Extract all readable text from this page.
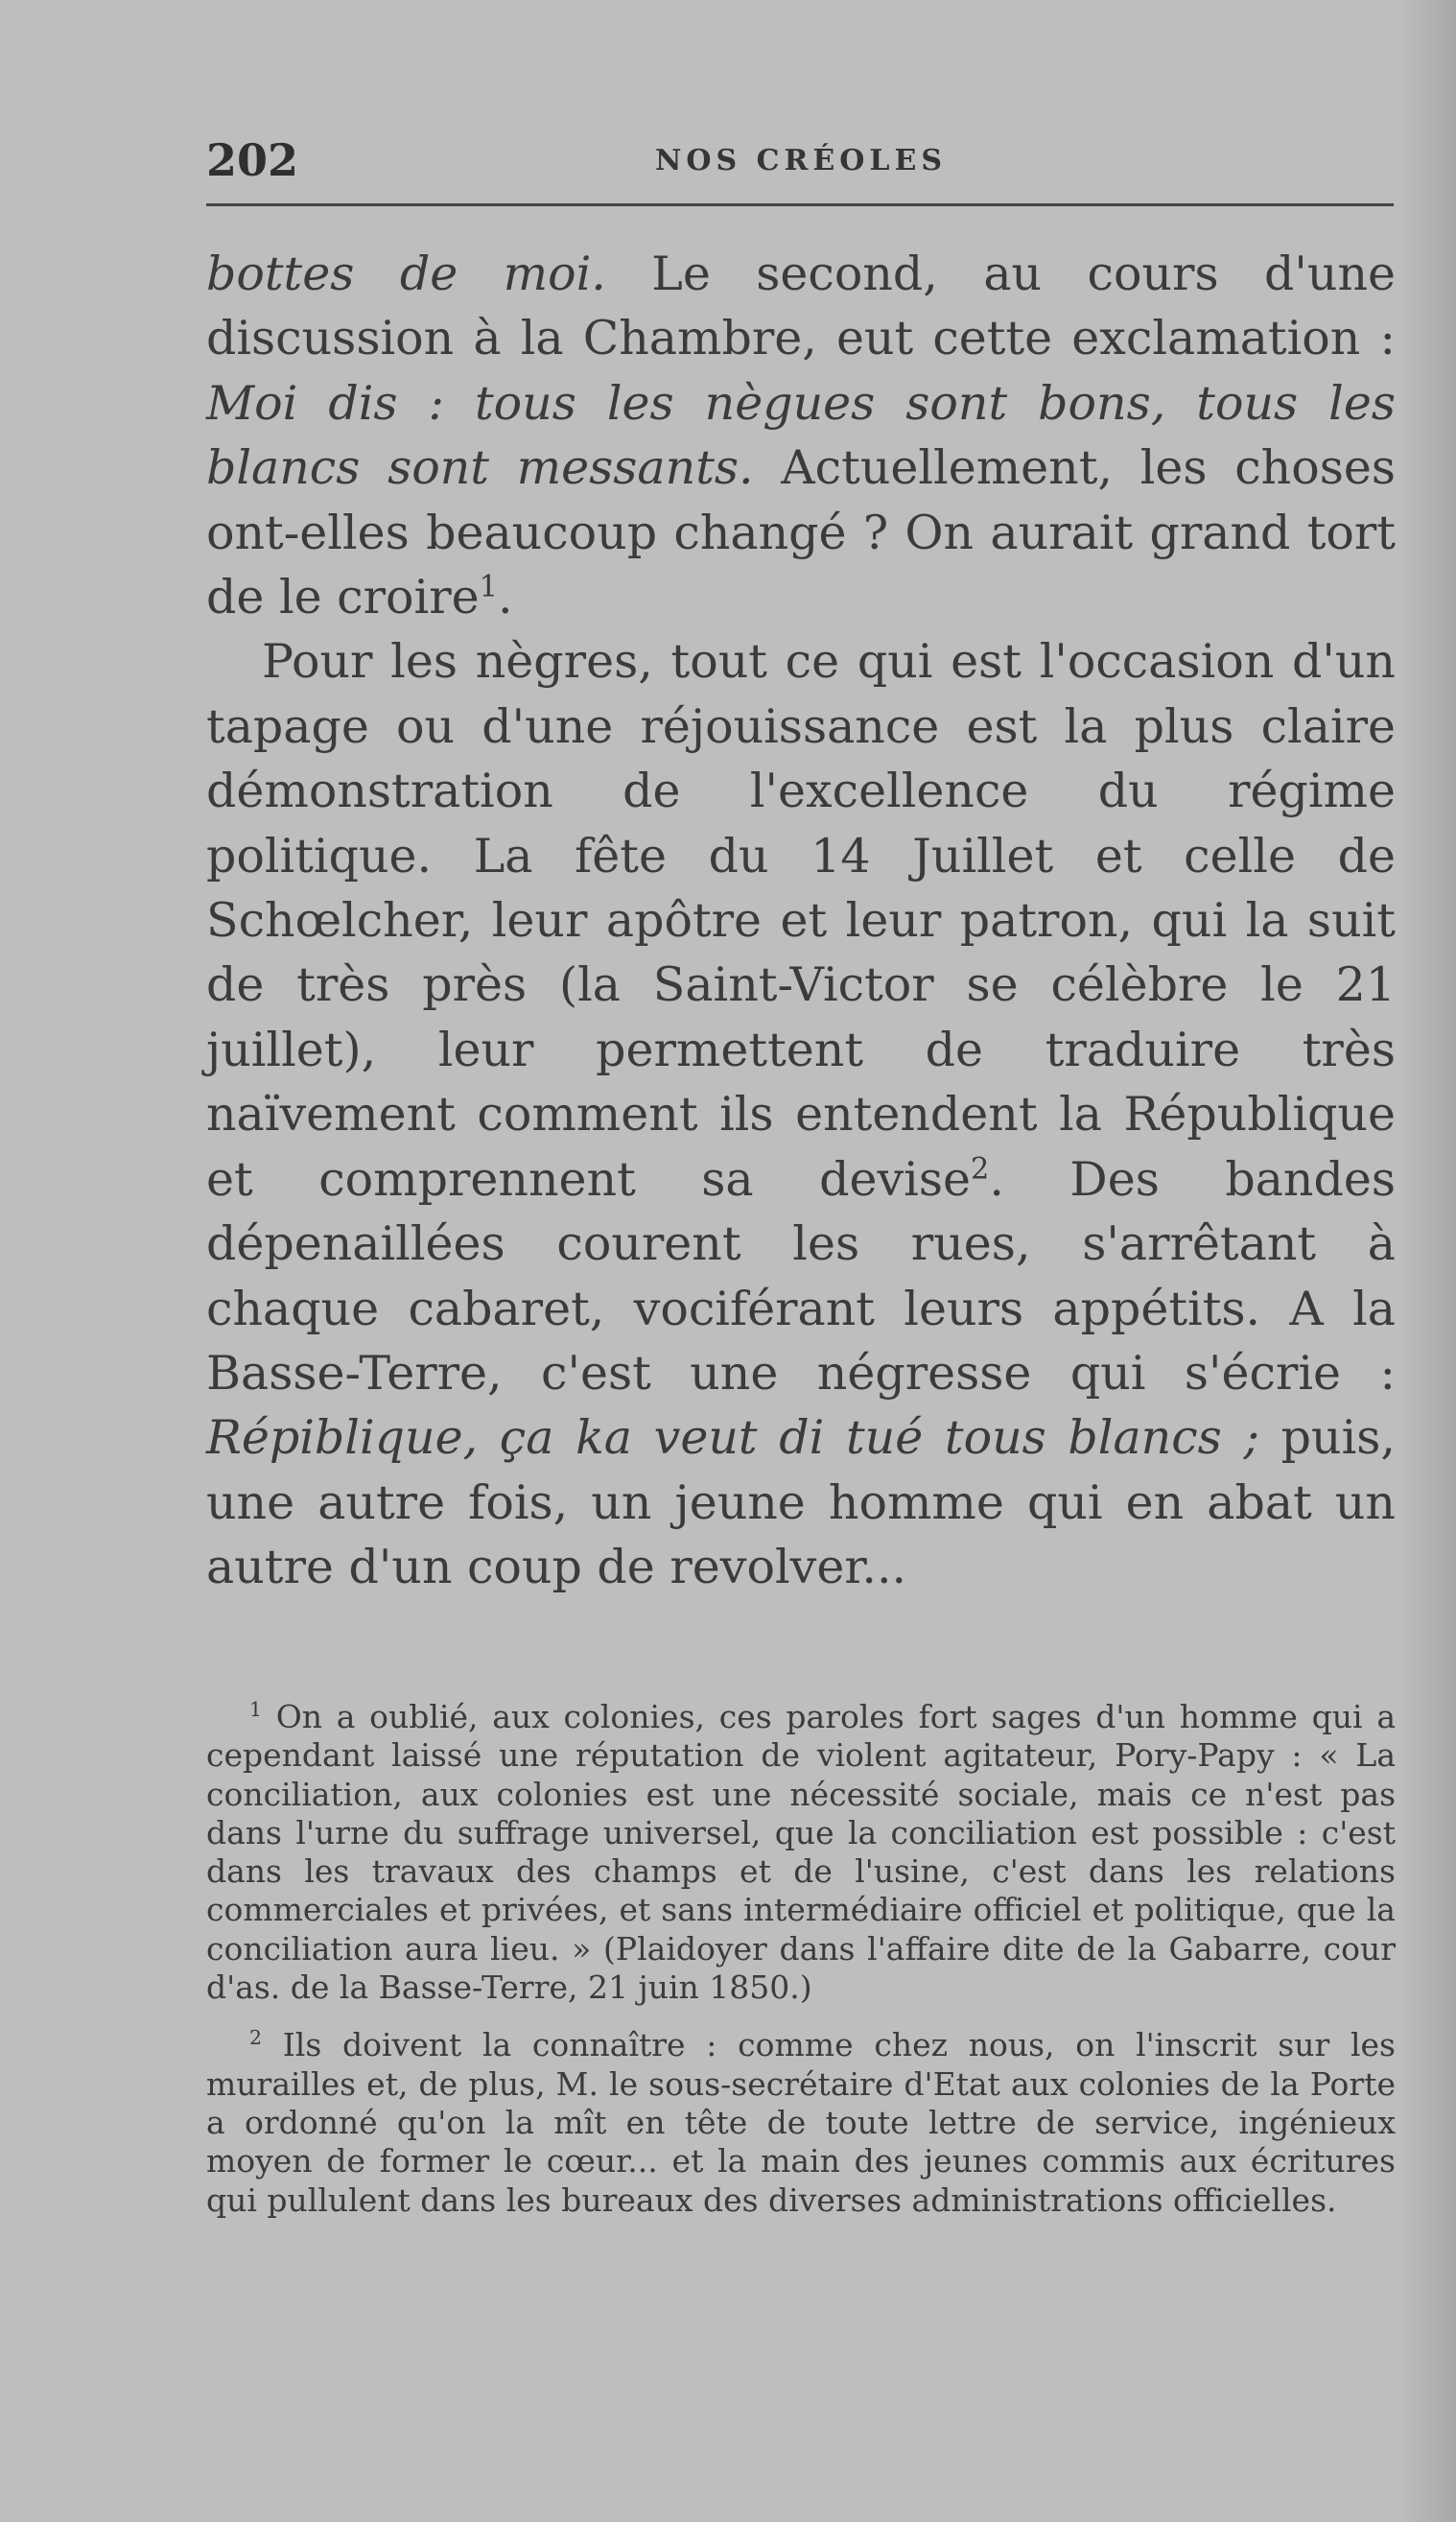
202	NOS CRÉOLES

bottes de moi. Le second, au cours d'une discussion à la Chambre, eut cette exclamation : Moi dis : tous les nègues sont bons, tous les blancs sont messants. Actuellement, les choses ont-elles beaucoup changé ? On aurait grand tort de le croire$^1$.

Pour les nègres, tout ce qui est l'occasion d'un tapage ou d'une réjouissance est la plus claire démonstration de l'excellence du régime politique. La fête du 14 Juillet et celle de Schœlcher, leur apôtre et leur patron, qui la suit de très près (la Saint-Victor se célèbre le 21 juillet), leur permettent de traduire très naïvement comment ils entendent la République et comprennent sa devise$^2$. Des bandes dépenaillées courent les rues, s'arrêtant à chaque cabaret, vociférant leurs appétits. A la Basse-Terre, c'est une négresse qui s'écrie : Répiblique, ça ka veut di tué tous blancs ; puis, une autre fois, un jeune homme qui en abat un autre d'un coup de revolver...

$^1$ On a oublié, aux colonies, ces paroles fort sages d'un homme qui a cependant laissé une réputation de violent agitateur, Pory-Papy : « La conciliation, aux colonies est une nécessité sociale, mais ce n'est pas dans l'urne du suffrage universel, que la conciliation est possible : c'est dans les travaux des champs et de l'usine, c'est dans les relations commerciales et privées, et sans intermédiaire officiel et politique, que la conciliation aura lieu. » (Plaidoyer dans l'affaire dite de la Gabarre, cour d'as. de la Basse-Terre, 21 juin 1850.)

$^2$ Ils doivent la connaître : comme chez nous, on l'inscrit sur les murailles et, de plus, M. le sous-secrétaire d'Etat aux colonies de la Porte a ordonné qu'on la mît en tête de toute lettre de service, ingénieux moyen de former le cœur... et la main des jeunes commis aux écritures qui pullulent dans les bureaux des diverses administrations officielles.
